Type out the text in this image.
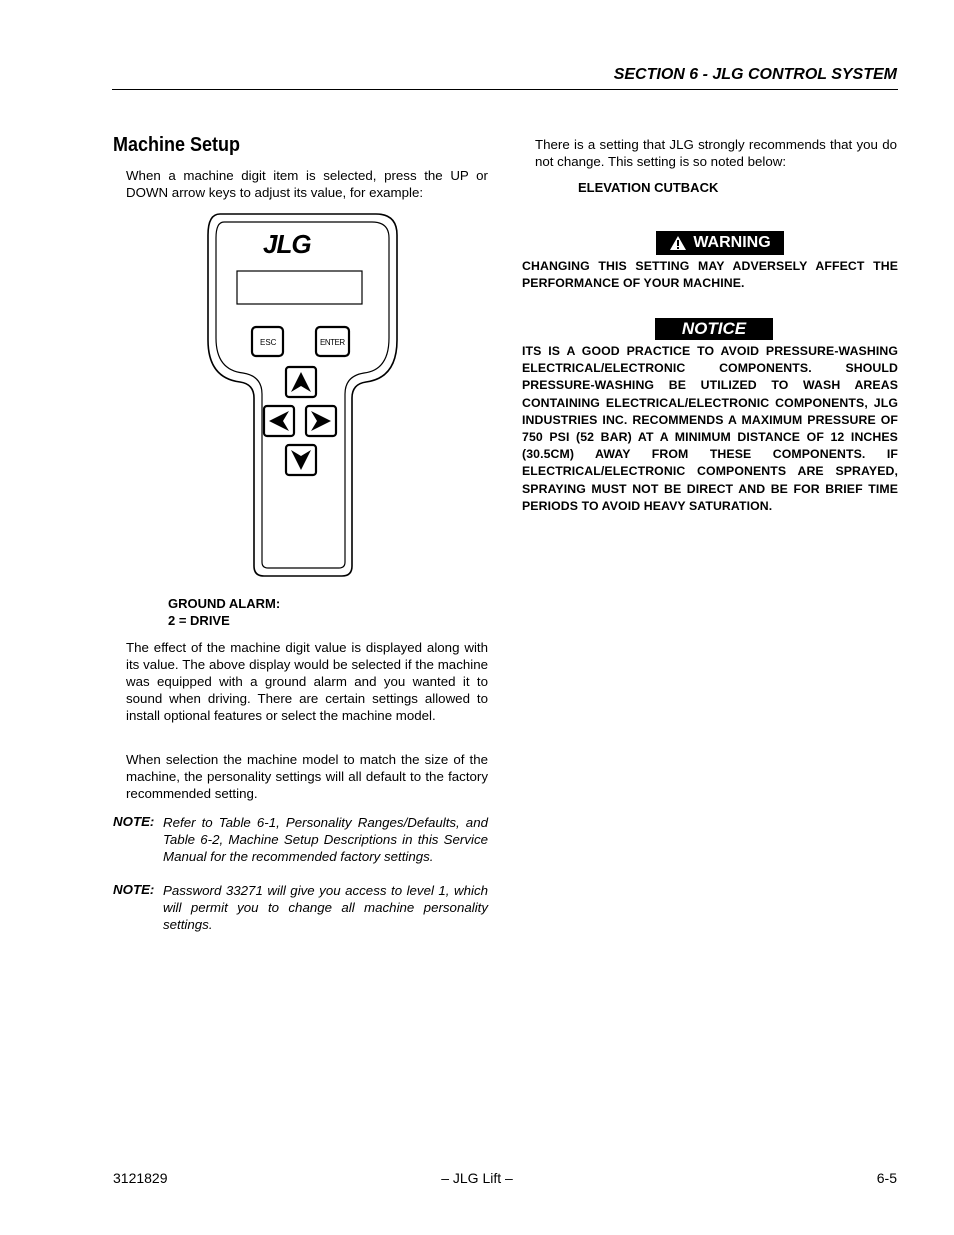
SECTION 6 - JLG CONTROL SYSTEM
Machine Setup
When a machine digit item is selected, press the UP or DOWN arrow keys to adjust its value, for example:
JLG
ESC	ENTER
GROUND ALARM:
2 = DRIVE
The effect of the machine digit value is displayed along with its value. The above display would be selected if the machine was equipped with a ground alarm and you wanted it to sound when driving. There are certain settings allowed to install optional features or select the machine model.
When selection the machine model to match the size of the machine, the personality settings will all default to the factory recommended setting.
NOTE: Refer to Table 6-1, Personality Ranges/Defaults, and Table 6-2, Machine Setup Descriptions in this Service Manual for the recommended factory settings.
NOTE: Password 33271 will give you access to level 1, which will permit you to change all machine personality settings.
There is a setting that JLG strongly recommends that you do not change. This setting is so noted below:
ELEVATION CUTBACK
WARNING
CHANGING THIS SETTING MAY ADVERSELY AFFECT THE PERFORMANCE OF YOUR MACHINE.
NOTICE
ITS IS A GOOD PRACTICE TO AVOID PRESSURE-WASHING ELECTRICAL/ELECTRONIC COMPONENTS. SHOULD PRESSURE-WASHING BE UTILIZED TO WASH AREAS CONTAINING ELECTRICAL/ELECTRONIC COMPONENTS, JLG INDUSTRIES INC. RECOMMENDS A MAXIMUM PRESSURE OF 750 PSI (52 BAR) AT A MINIMUM DISTANCE OF 12 INCHES (30.5CM) AWAY FROM THESE COMPONENTS. IF ELECTRICAL/ELECTRONIC COMPONENTS ARE SPRAYED, SPRAYING MUST NOT BE DIRECT AND BE FOR BRIEF TIME PERIODS TO AVOID HEAVY SATURATION.
3121829	– JLG Lift –	6-5
